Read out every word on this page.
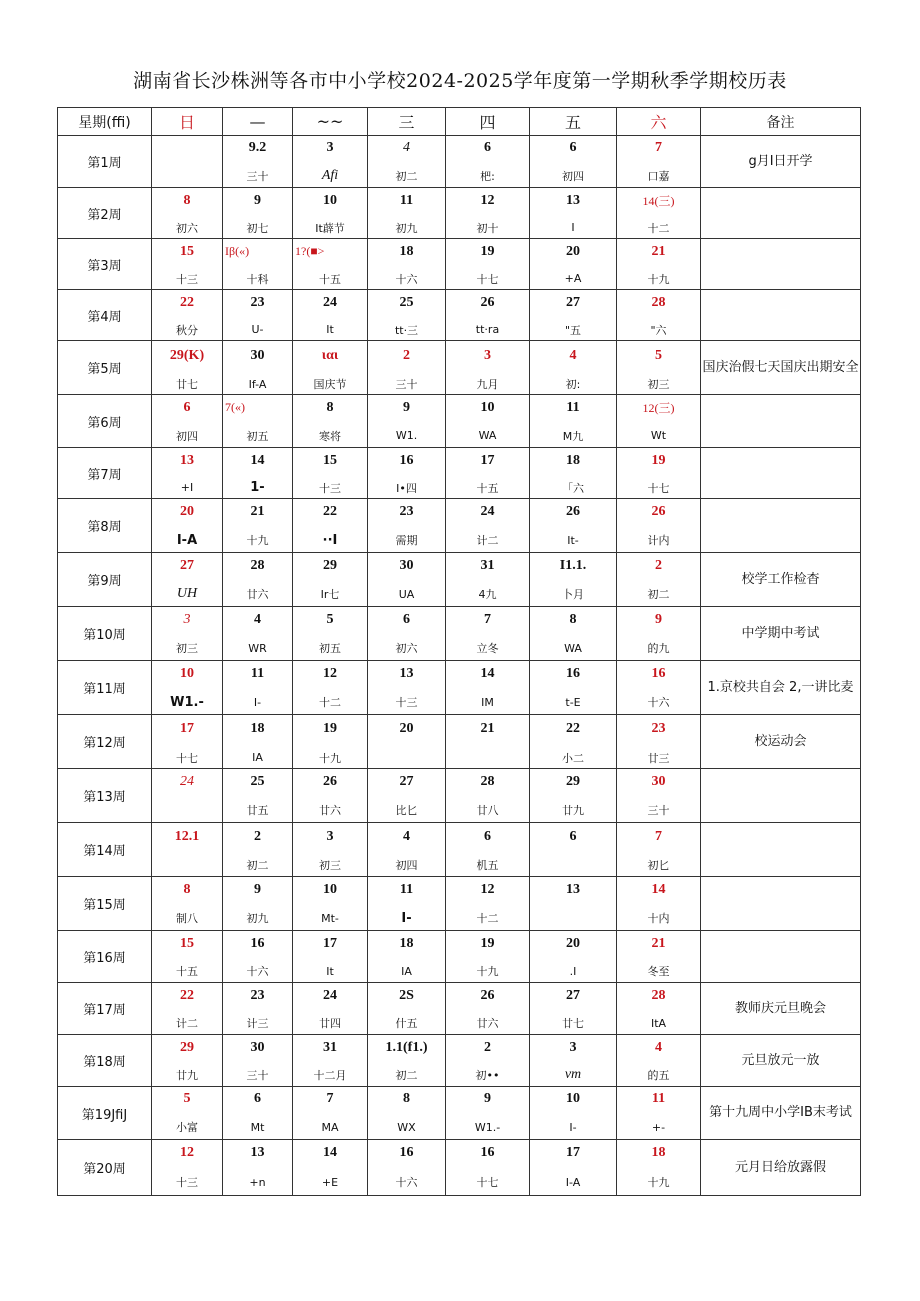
湖南省长沙株洲等各市中小学校2024-2025学年度第一学期秋季学期校历表
星期(ffi)	日	—	~~	三	四	五	六	备注
第1周		9.2	3	4	6	6	7	g月I日开学
		三十	Afi	初二	杷:	初四	口嘉	
第2周	8	9	10	11	12	13	14(三)	
	初六	初七	It薜节	初九	初十	I	十二	
第3周	15	Iβ(«)	1?(■>	18	19	20	21	
	十三	十科	十五	十六	十七	+A	十九	
第4周	22	23	24	25	26	27	28	
	秋分	U-	It	tt·三	tt·ra	"五	"六	
第5周	29(K)	30	ιαι	2	3	4	5	国庆治假七天国庆出期安全
	廿七	If-A	国庆节	三十	九月	初:	初三	
第6周	6	7(«)	8	9	10	11	12(三)	
	初四	初五	寒将	W1.	WA	M九	Wt	
第7周	13	14	15	16	17	18	19	
	+I	1-	十三	I•四	十五	「六	十七	
第8周	20	21	22	23	24	26	26	
	I-A	十九	∙·I	需期	计二	It-	计内	
第9周	27	28	29	30	31	I1.1.	2	校学工作检杳
	UH	廿六	Ir七	UA	4九	卜月	初二	
第10周	3	4	5	6	7	8	9	中学期中考试
	初三	WR	初五	初六	立冬	WA	的九	
第11周	10	11	12	13	14	16	16	1.京校共自会 2,一讲比麦
	W1.-	I-	十二	十三	IM	t-E	十六	
第12周	17	18	19	20	21	22	23	校运动会
	十七	IA	十九			小二	廿三	
第13周	24	25	26	27	28	29	30	
		廿五	廿六	比匕	廿八	廿九	三十	
第14周	12.1	2	3	4	6	6	7	
		初二	初三	初四	机五		初匕	
第15周	8	9	10	11	12	13	14	
	制八	初九	Mt-	I-	十二		十内	
第16周	15	16	17	18	19	20	21	
	十五	十六	It	IA	十九	.I	冬至	
第17周	22	23	24	2S	26	27	28	教师庆元旦晚会
	计二	计三	廿四	什五	廿六	廿七	ItA	
第18周	29	30	31	1.1(f1.)	2	3	4	元旦放元一放
	廿九	三十	十二月	初二	初••	vm	的五	
第19JfiJ	5	6	7	8	9	10	11	第十九周中小学IB末考试
	小富	Mt	MA	WX	W1.-	I-	+-	
第20周	12	13	14	16	16	17	18	元月日给放露假
	十三	+n	+E	十六	十七	I-A	十九	
